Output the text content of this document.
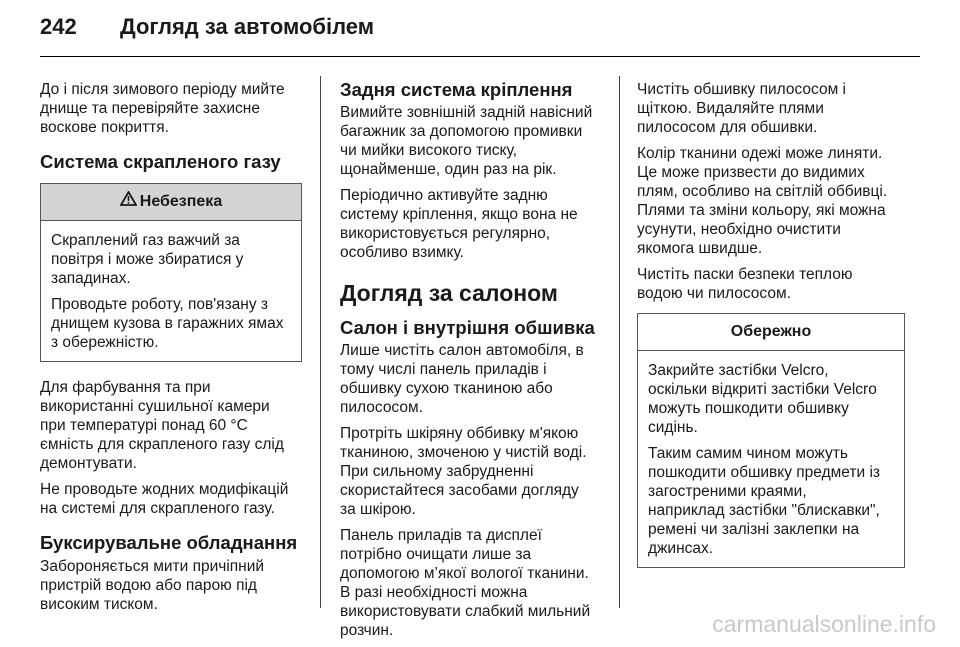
242 Догляд за автомобілем

До і після зимового періоду мийте
днище та перевіряйте захисне
воскове покриття.

Система скрапленого газу
Небезпека

Скраплений газ важчий за
повітря і може збиратися у
западинах.

Проводьте роботу, пов'язану з
днищем кузова в гаражних ямах
з обережністю.

Для фарбування та при
використанні сушильної камери
при температурі понад 60 °C
ємність для скрапленого газу слід
демонтувати.

Не проводьте жодних модифікацій
на системі для скрапленого газу.

Буксирувальне обладнання

Забороняється мити причіпний
пристрій водою або парою під
високим тиском.

Задня система кріплення

Вимийте зовнішній задній навісний
багажник за допомогою промивки
чи мийки високого тиску,
щонайменше, один раз на рік.

Періодично активуйте задню
систему кріплення, якщо вона не
використовується регулярно,
особливо взимку.

Догляд за салоном
Салон і внутрішня обшивка

Лише чистіть салон автомобіля, в
тому числі панель приладів і
обшивку сухою тканиною або
пилососом.

Протріть шкіряну оббивку м'якою
тканиною, змоченою у чистій воді.
При сильному забрудненні
скористайтеся засобами догляду
за шкірою.

Панель приладів та дисплеї
потрібно очищати лише за
допомогою м’якої вологої тканини.
В разі необхідності можна
використовувати слабкий мильний
розчин.

Чистіть обшивку пилососом і
щіткою. Видаляйте плями
пилососом для обшивки.

Колір тканини одежі може линяти.
Це може призвести до видимих
плям, особливо на світлій оббивці.
Плями та зміни кольору, які можна
усунути, необхідно очистити
якомога швидше.

Чистіть паски безпеки теплою
водою чи пилососом.

Обережно

Закрийте застібки Velcro,
оскільки відкриті застібки Velcro
можуть пошкодити обшивку
сидінь.

Таким самим чином можуть
пошкодити обшивку предмети із
загостреними краями,
наприклад застібки "блискавки",
ремені чи залізні заклепки на
джинсах.

carmanualsonline.info
